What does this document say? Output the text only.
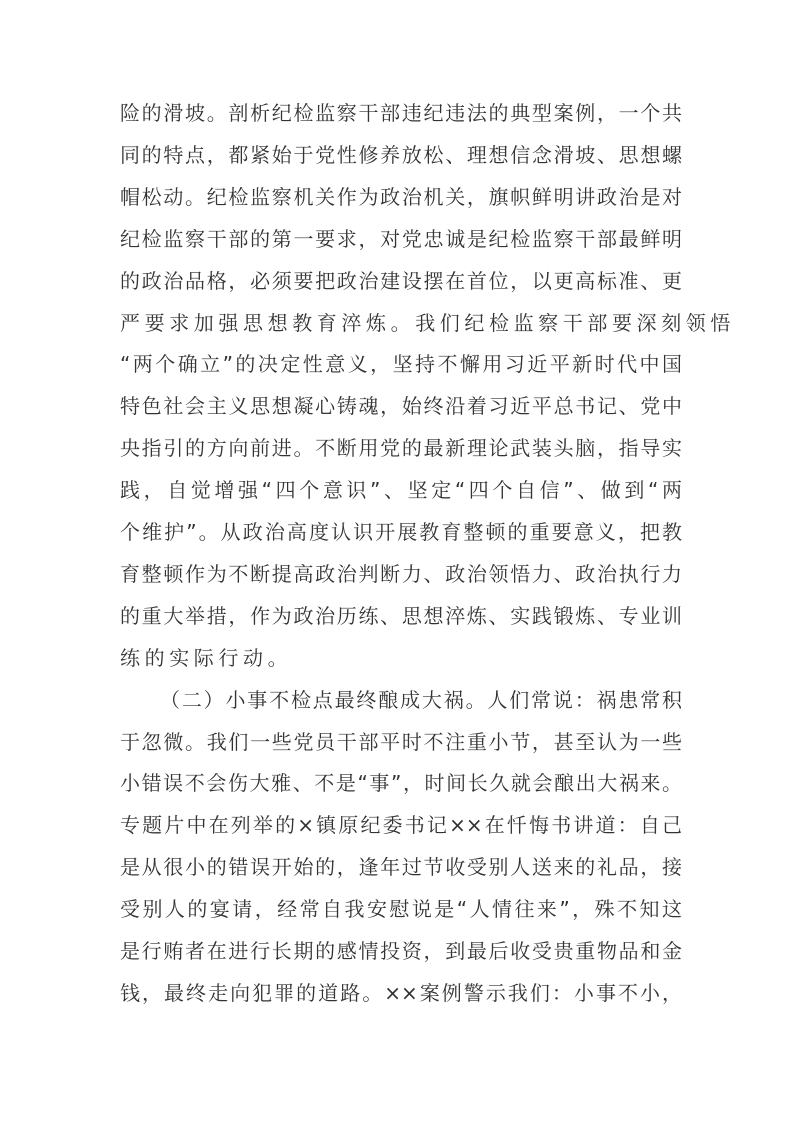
险的滑坡。剖析纪检监察干部违纪违法的典型案例，一个共
同的特点，都紧始于党性修养放松、理想信念滑坡、思想螺
帽松动。纪检监察机关作为政治机关，旗帜鲜明讲政治是对
纪检监察干部的第一要求，对党忠诚是纪检监察干部最鲜明
的政治品格，必须要把政治建设摆在首位，以更高标准、更
严要求加强思想教育淬炼。我们纪检监察干部要深刻领悟
“两个确立”的决定性意义，坚持不懈用习近平新时代中国
特色社会主义思想凝心铸魂，始终沿着习近平总书记、党中
央指引的方向前进。不断用党的最新理论武装头脑，指导实
践，自觉增强“四个意识”、坚定“四个自信”、做到“两
个维护”。从政治高度认识开展教育整顿的重要意义，把教
育整顿作为不断提高政治判断力、政治领悟力、政治执行力
的重大举措，作为政治历练、思想淬炼、实践锻炼、专业训
练的实际行动。
（二）小事不检点最终酿成大祸。人们常说：祸患常积
于忽微。我们一些党员干部平时不注重小节，甚至认为一些
小错误不会伤大雅、不是“事”，时间长久就会酿出大祸来。
专题片中在列举的×镇原纪委书记××在忏悔书讲道：自己
是从很小的错误开始的，逢年过节收受别人送来的礼品，接
受别人的宴请，经常自我安慰说是“人情往来”，殊不知这
是行贿者在进行长期的感情投资，到最后收受贵重物品和金
钱，最终走向犯罪的道路。××案例警示我们：小事不小，
